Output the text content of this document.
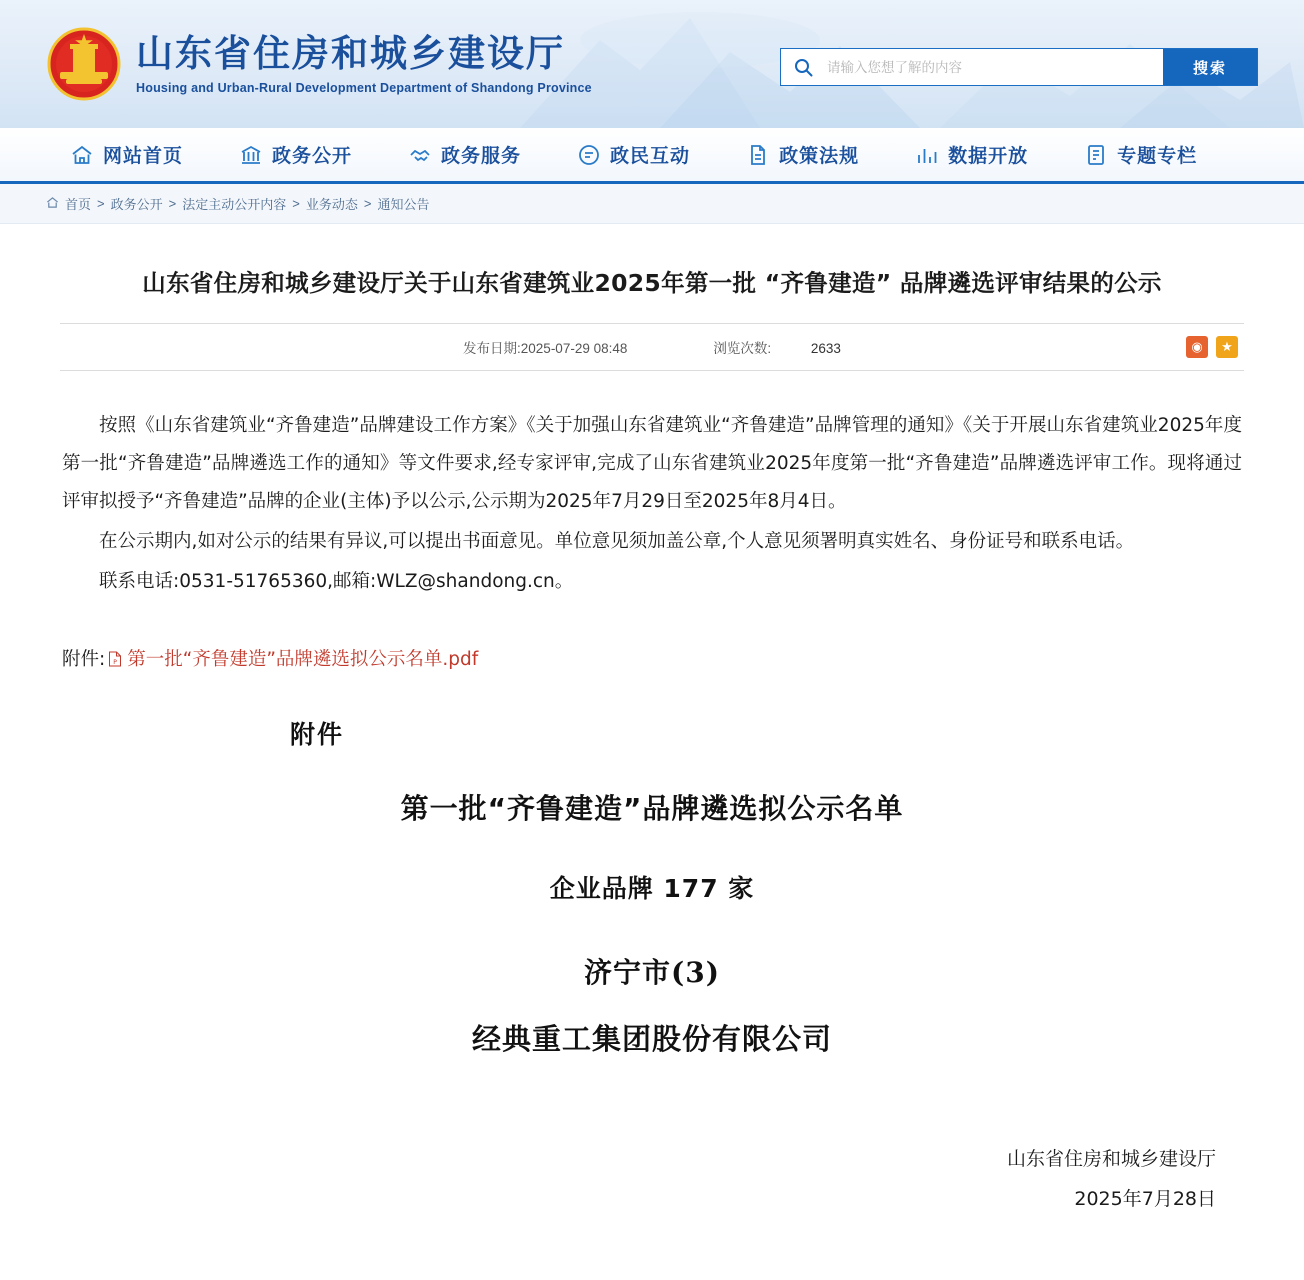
山东省住房和城乡建设厅
Housing and Urban-Rural Development Department of Shandong Province
请输入您想了解的内容
搜索
网站首页	政务公开	政务服务	政民互动	政策法规	数据开放	专题专栏
首页 > 政务公开 > 法定主动公开内容 > 业务动态 > 通知公告
山东省住房和城乡建设厅关于山东省建筑业2025年第一批 “齐鲁建造” 品牌遴选评审结果的公示
发布日期:2025-07-29 08:48	浏览次数:	2633	◉	★

按照《山东省建筑业“齐鲁建造”品牌建设工作方案》《关于加强山东省建筑业“齐鲁建造”品牌管理的通知》《关于开展山东省建筑业2025年度第一批“齐鲁建造”品牌遴选工作的通知》等文件要求,经专家评审,完成了山东省建筑业2025年度第一批“齐鲁建造”品牌遴选评审工作。现将通过评审拟授予“齐鲁建造”品牌的企业(主体)予以公示,公示期为2025年7月29日至2025年8月4日。

在公示期内,如对公示的结果有异议,可以提出书面意见。单位意见须加盖公章,个人意见须署明真实姓名、身份证号和联系电话。

联系电话:0531-51765360,邮箱:WLZ@shandong.cn。

附件: P 第一批“齐鲁建造”品牌遴选拟公示名单.pdf
附件
第一批“齐鲁建造”品牌遴选拟公示名单
企业品牌 177 家
济宁市(3)
经典重工集团股份有限公司
山东省住房和城乡建设厅
2025年7月28日
